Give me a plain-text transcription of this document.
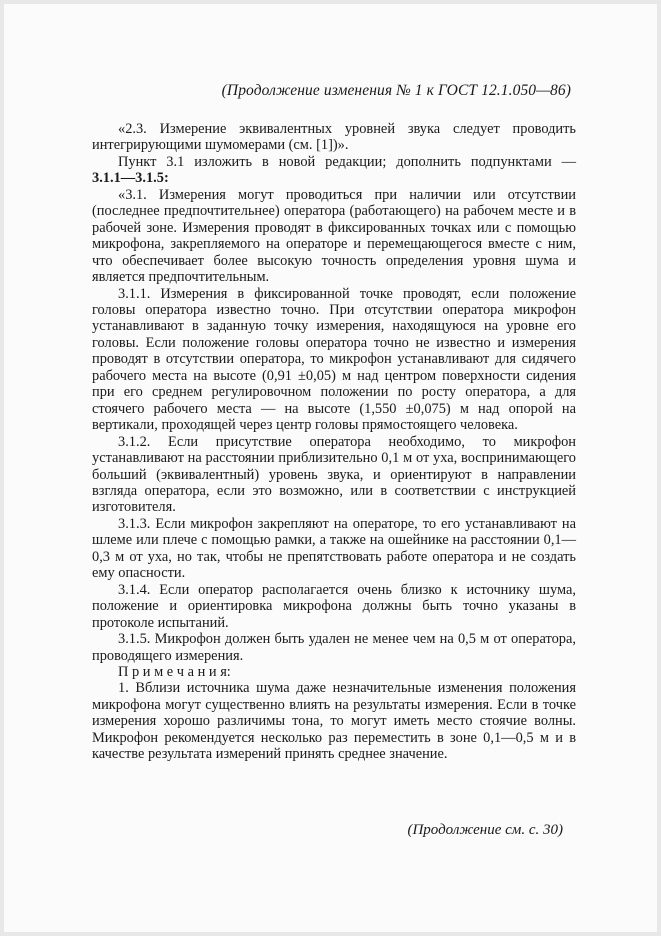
(Продолжение изменения № 1 к ГОСТ 12.1.050—86)

«2.3. Измерение эквивалентных уровней звука следует проводить интегрирующими шумомерами (см. [1])».

Пункт 3.1 изложить в новой редакции; дополнить подпунктами —

3.1.1—3.1.5:

«3.1. Измерения могут проводиться при наличии или отсутствии (последнее предпочтительнее) оператора (работающего) на рабочем месте и в рабочей зоне. Измерения проводят в фиксированных точках или с помощью микрофона, закрепляемого на операторе и перемещающегося вместе с ним, что обеспечивает более высокую точность определения уровня шума и является предпочтительным.

3.1.1. Измерения в фиксированной точке проводят, если положение головы оператора известно точно. При отсутствии оператора микрофон устанавливают в заданную точку измерения, находящуюся на уровне его головы. Если положение головы оператора точно не известно и измерения проводят в отсутствии оператора, то микрофон устанавливают для сидячего рабочего места на высоте (0,91 ±0,05) м над центром поверхности сидения при его среднем регулировочном положении по росту оператора, а для стоячего рабочего места — на высоте (1,550 ±0,075) м над опорой на вертикали, проходящей через центр головы прямостоящего человека.

3.1.2. Если присутствие оператора необходимо, то микрофон устанавливают на расстоянии приблизительно 0,1 м от уха, воспринимающего больший (эквивалентный) уровень звука, и ориентируют в направлении взгляда оператора, если это возможно, или в соответствии с инструкцией изготовителя.

3.1.3. Если микрофон закрепляют на операторе, то его устанавливают на шлеме или плече с помощью рамки, а также на ошейнике на расстоянии 0,1—0,3 м от уха, но так, чтобы не препятствовать работе оператора и не создать ему опасности.

3.1.4. Если оператор располагается очень близко к источнику шума, положение и ориентировка микрофона должны быть точно указаны в протоколе испытаний.

3.1.5. Микрофон должен быть удален не менее чем на 0,5 м от оператора, проводящего измерения.

П р и м е ч а н и я:

1. Вблизи источника шума даже незначительные изменения положения микрофона могут существенно влиять на результаты измерения. Если в точке измерения хорошо различимы тона, то могут иметь место стоячие волны. Микрофон рекомендуется несколько раз переместить в зоне 0,1—0,5 м и в качестве результата измерений принять среднее значение.

(Продолжение см. с. 30)
